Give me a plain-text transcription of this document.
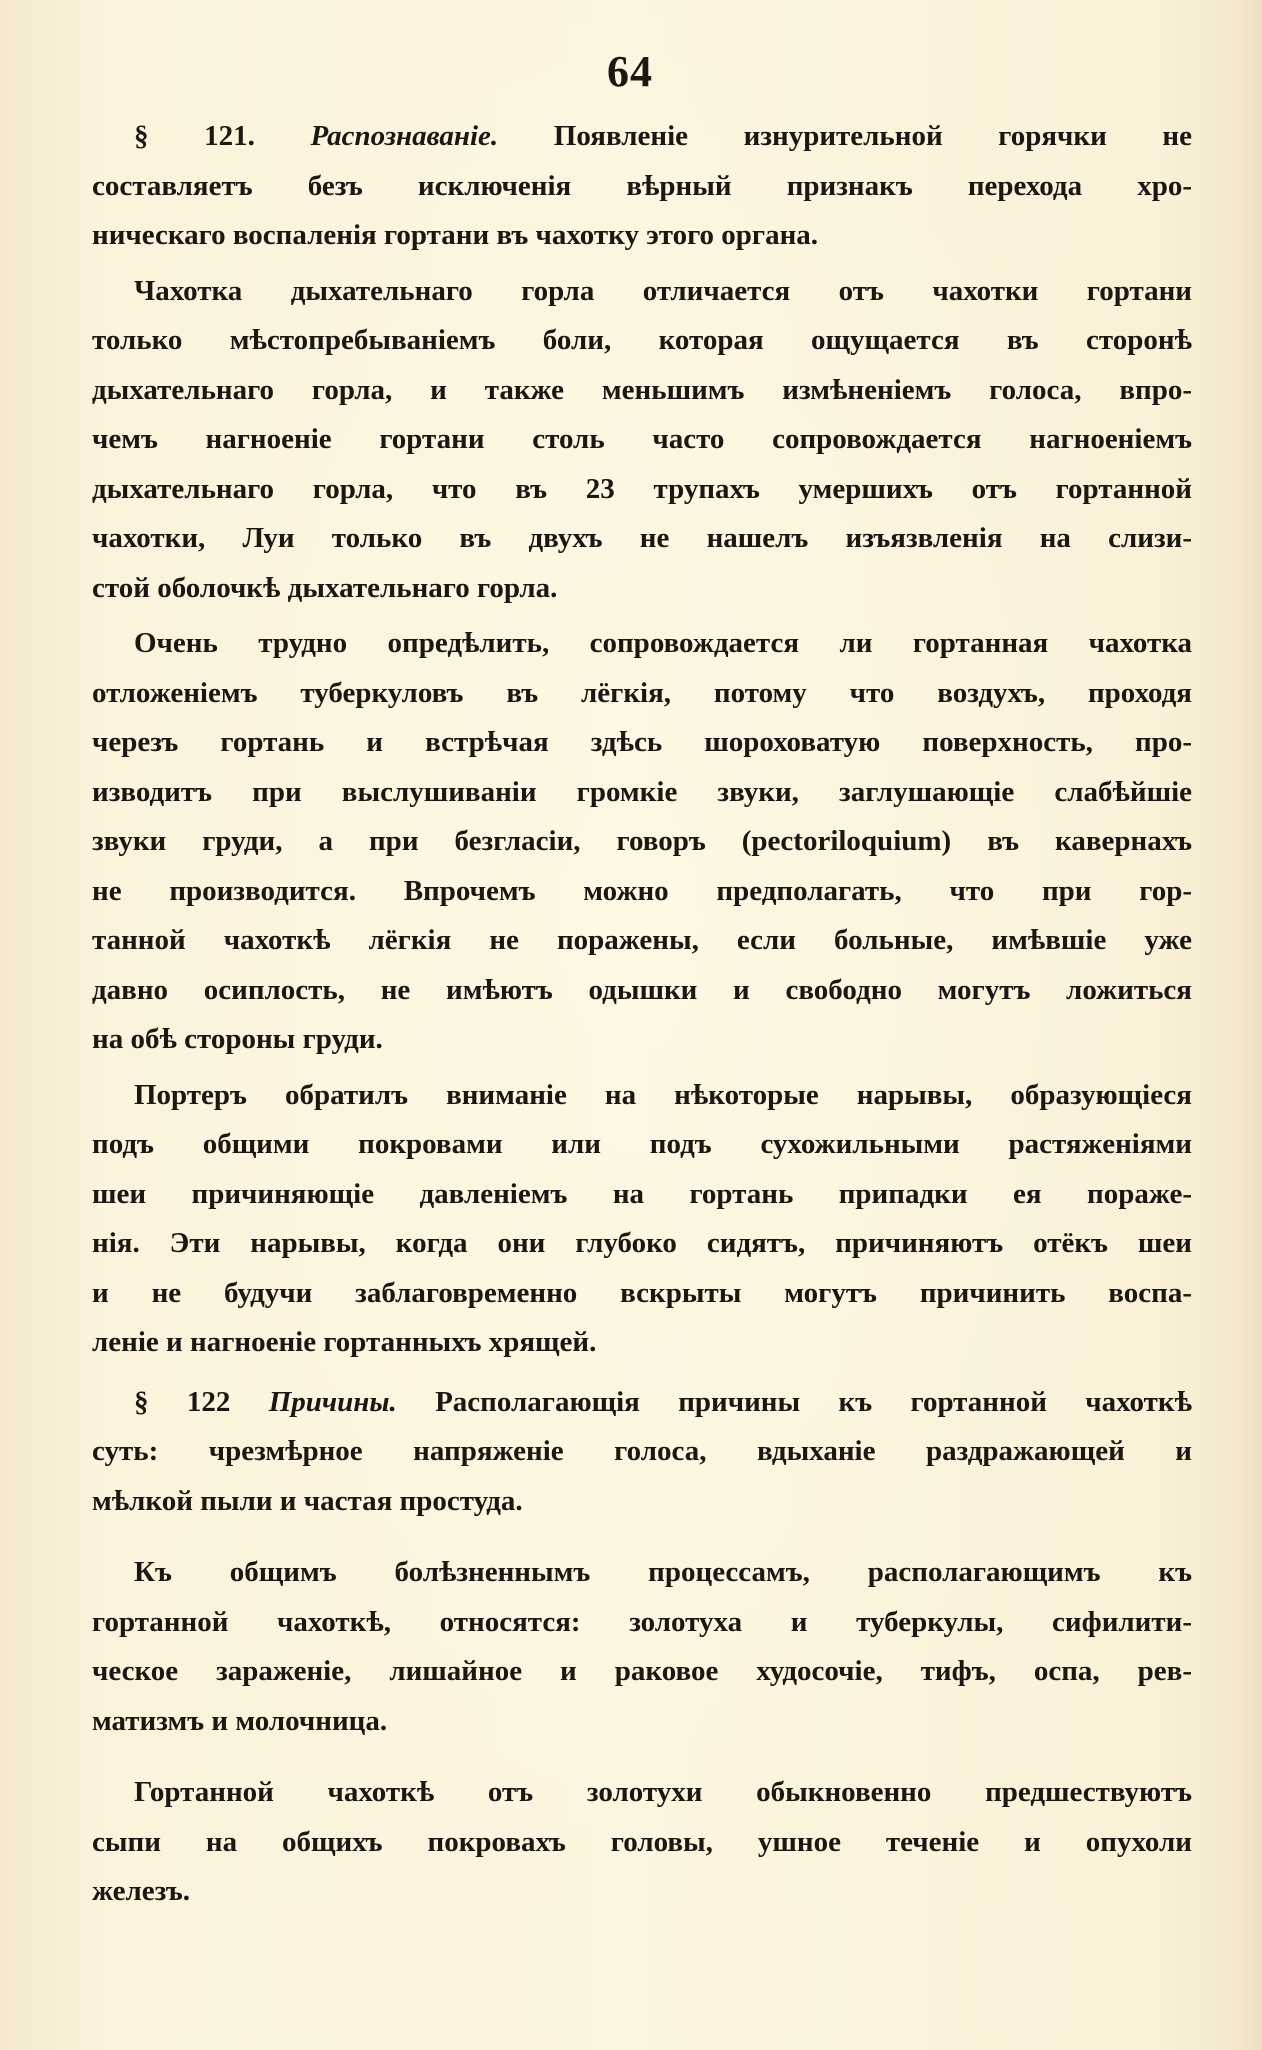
64

§ 121. Распознаваніе. Появленіе изнурительной горячки не
составляетъ безъ исключенія вѣрный признакъ перехода хро-
ническаго воспаленія гортани въ чахотку этого органа.

Чахотка дыхательнаго горла отличается отъ чахотки гортани
только мѣстопребываніемъ боли, которая ощущается въ сторонѣ
дыхательнаго горла, и также меньшимъ измѣненіемъ голоса, впро-
чемъ нагноеніе гортани столь часто сопровождается нагноеніемъ
дыхательнаго горла, что въ 23 трупахъ умершихъ отъ гортанной
чахотки, Луи только въ двухъ не нашелъ изъязвленія на слизи-
стой оболочкѣ дыхательнаго горла.

Очень трудно опредѣлить, сопровождается ли гортанная чахотка
отложеніемъ туберкуловъ въ лёгкія, потому что воздухъ, проходя
черезъ гортань и встрѣчая здѣсь шороховатую поверхность, про-
изводитъ при выслушиваніи громкіе звуки, заглушающіе слабѣйшіе
звуки груди, а при безгласіи, говоръ (pectoriloquium) въ кавернахъ
не производится. Впрочемъ можно предполагать, что при гор-
танной чахоткѣ лёгкія не поражены, если больные, имѣвшіе уже
давно осиплость, не имѣютъ одышки и свободно могутъ ложиться
на обѣ стороны груди.

Портеръ обратилъ вниманіе на нѣкоторые нарывы, образующіеся
подъ общими покровами или подъ сухожильными растяженіями
шеи причиняющіе давленіемъ на гортань припадки ея пораже-
нія. Эти нарывы, когда они глубоко сидятъ, причиняютъ отёкъ шеи
и не будучи заблаговременно вскрыты могутъ причинить воспа-
леніе и нагноеніе гортанныхъ хрящей.

§ 122 Причины. Располагающія причины къ гортанной чахоткѣ
суть: чрезмѣрное напряженіе голоса, вдыханіе раздражающей и
мѣлкой пыли и частая простуда.

Къ общимъ болѣзненнымъ процессамъ, располагающимъ къ
гортанной чахоткѣ, относятся: золотуха и туберкулы, сифилити-
ческое зараженіе, лишайное и раковое худосочіе, тифъ, оспа, рев-
матизмъ и молочница.

Гортанной чахоткѣ отъ золотухи обыкновенно предшествуютъ
сыпи на общихъ покровахъ головы, ушное теченіе и опухоли
железъ.
